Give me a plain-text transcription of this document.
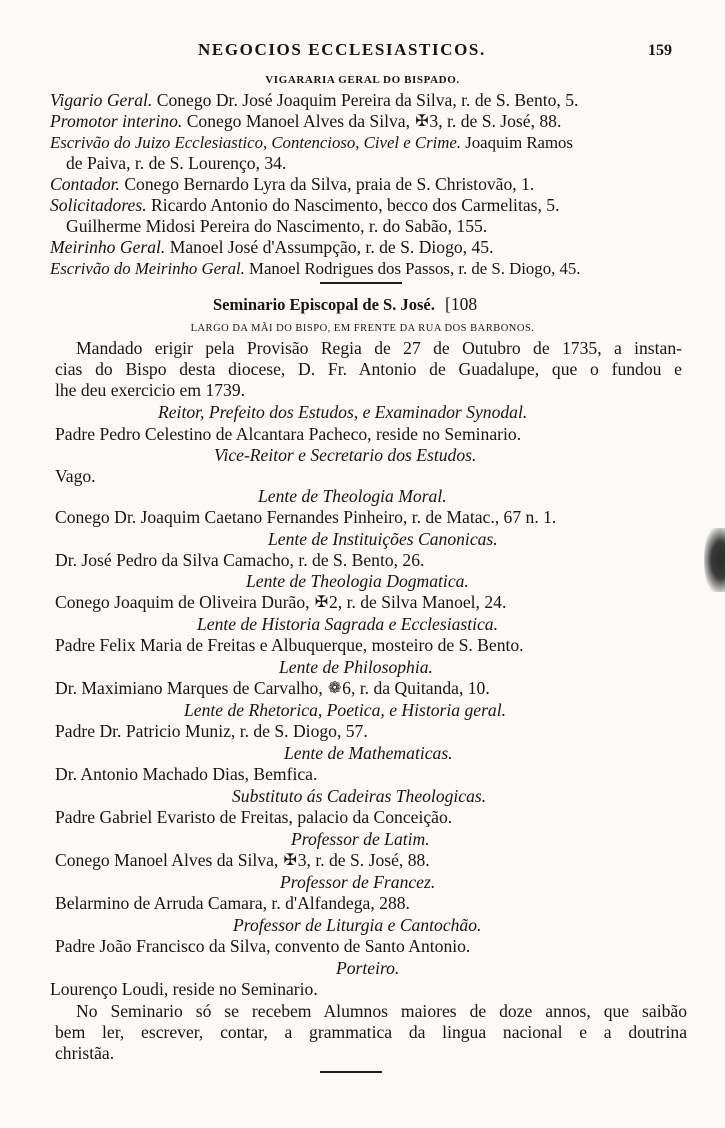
NEGOCIOS ECCLESIASTICOS.	159

VIGARARIA GERAL DO BISPADO.

Vigario Geral. Conego Dr. José Joaquim Pereira da Silva, r. de S. Bento, 5.

Promotor interino. Conego Manoel Alves da Silva, ✠3, r. de S. José, 88.

Escrivão do Juizo Ecclesiastico, Contencioso, Civel e Crime. Joaquim Ramos

de Paiva, r. de S. Lourenço, 34.

Contador. Conego Bernardo Lyra da Silva, praia de S. Christovão, 1.

Solicitadores. Ricardo Antonio do Nascimento, becco dos Carmelitas, 5.

Guilherme Midosi Pereira do Nascimento, r. do Sabão, 155.

Meirinho Geral. Manoel José d'Assumpção, r. de S. Diogo, 45.

Escrivão do Meirinho Geral. Manoel Rodrigues dos Passos, r. de S. Diogo, 45.

Seminario Episcopal de S. José. [108

LARGO DA MÃI DO BISPO, EM FRENTE DA RUA DOS BARBONOS.

Mandado erigir pela Provisão Regia de 27 de Outubro de 1735, a instan-

cias do Bispo desta diocese, D. Fr. Antonio de Guadalupe, que o fundou e

lhe deu exercicio em 1739.

Reitor, Prefeito dos Estudos, e Examinador Synodal.

Padre Pedro Celestino de Alcantara Pacheco, reside no Seminario.

Vice-Reitor e Secretario dos Estudos.

Vago.

Lente de Theologia Moral.

Conego Dr. Joaquim Caetano Fernandes Pinheiro, r. de Matac., 67 n. 1.

Lente de Instituições Canonicas.

Dr. José Pedro da Silva Camacho, r. de S. Bento, 26.

Lente de Theologia Dogmatica.

Conego Joaquim de Oliveira Durão, ✠2, r. de Silva Manoel, 24.

Lente de Historia Sagrada e Ecclesiastica.

Padre Felix Maria de Freitas e Albuquerque, mosteiro de S. Bento.

Lente de Philosophia.

Dr. Maximiano Marques de Carvalho, ❁6, r. da Quitanda, 10.

Lente de Rhetorica, Poetica, e Historia geral.

Padre Dr. Patricio Muniz, r. de S. Diogo, 57.

Lente de Mathematicas.

Dr. Antonio Machado Dias, Bemfica.

Substituto ás Cadeiras Theologicas.

Padre Gabriel Evaristo de Freitas, palacio da Conceição.

Professor de Latim.

Conego Manoel Alves da Silva, ✠3, r. de S. José, 88.

Professor de Francez.

Belarmino de Arruda Camara, r. d'Alfandega, 288.

Professor de Liturgia e Cantochão.

Padre João Francisco da Silva, convento de Santo Antonio.

Porteiro.

Lourenço Loudi, reside no Seminario.

No Seminario só se recebem Alumnos maiores de doze annos, que saibão

bem ler, escrever, contar, a grammatica da lingua nacional e a doutrina

christãa.
